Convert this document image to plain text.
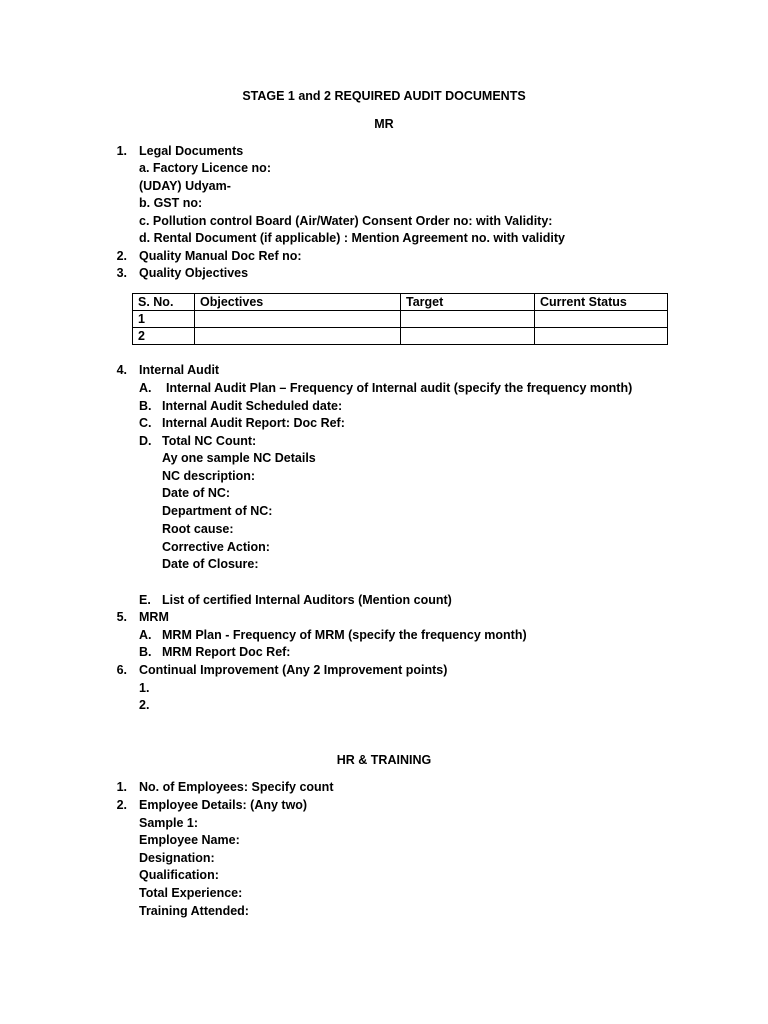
STAGE 1 and 2 REQUIRED AUDIT DOCUMENTS
MR
1. Legal Documents
a. Factory Licence no:
(UDAY) Udyam-
b. GST no:
c. Pollution control Board (Air/Water) Consent Order no: with Validity:
d. Rental Document (if applicable) : Mention Agreement no. with validity
2. Quality Manual Doc Ref no:
3. Quality Objectives
S. No.	Objectives	Target	Current Status
1			
2			
4. Internal Audit
A. Internal Audit Plan – Frequency of Internal audit (specify the frequency month)
B. Internal Audit Scheduled date:
C. Internal Audit Report: Doc Ref:
D. Total NC Count:
Ay one sample NC Details
NC description:
Date of NC:
Department of NC:
Root cause:
Corrective Action:
Date of Closure:
E. List of certified Internal Auditors (Mention count)
5. MRM
A. MRM Plan - Frequency of MRM (specify the frequency month)
B. MRM Report Doc Ref:
6. Continual Improvement (Any 2 Improvement points)
1.
2.
HR & TRAINING
1. No. of Employees: Specify count
2. Employee Details: (Any two)
Sample 1:
Employee Name:
Designation:
Qualification:
Total Experience:
Training Attended:
